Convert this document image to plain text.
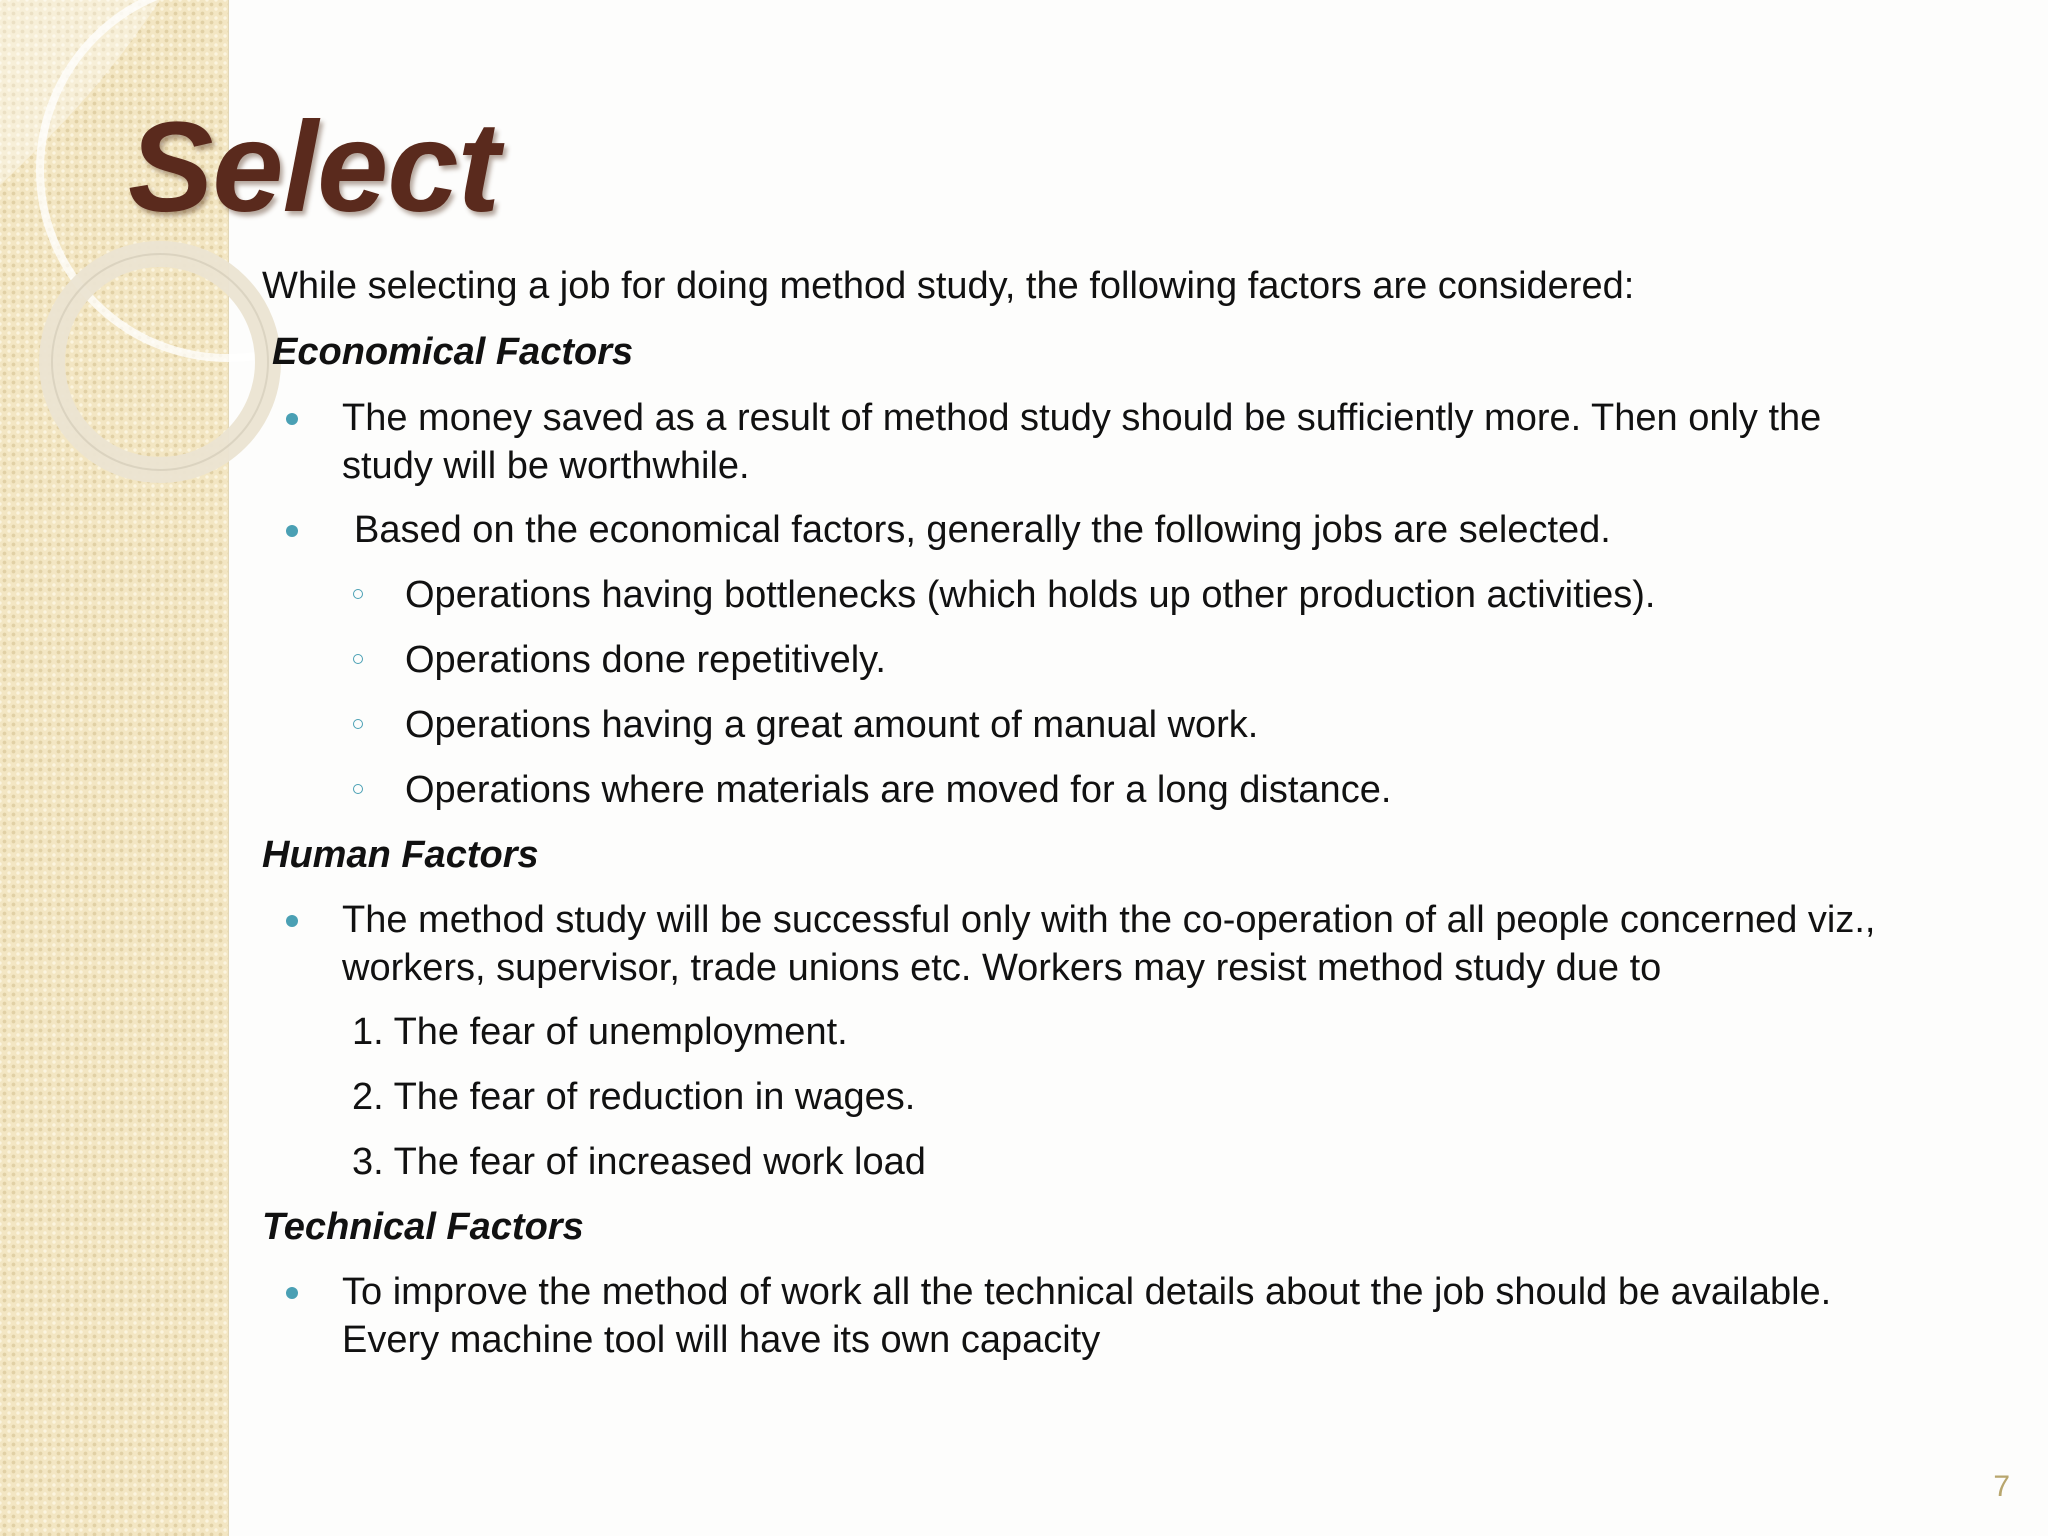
Select
While selecting a job for doing method study, the following factors are considered:
Economical Factors
The money saved as a result of method study should be sufficiently more. Then only the study will be worthwhile.
Based on the economical factors, generally the following jobs are selected.
Operations having bottlenecks (which holds up other production activities).
Operations done repetitively.
Operations having a great amount of manual work.
Operations where materials are moved for a long distance.
Human Factors
The method study will be successful only with the co-operation of all people concerned viz., workers, supervisor, trade unions etc. Workers may resist method study due to
1. The fear of unemployment.
2. The fear of reduction in wages.
3. The fear of increased work load
Technical Factors
To improve the method of work all the technical details about the job should be available. Every machine tool will have its own capacity
7
